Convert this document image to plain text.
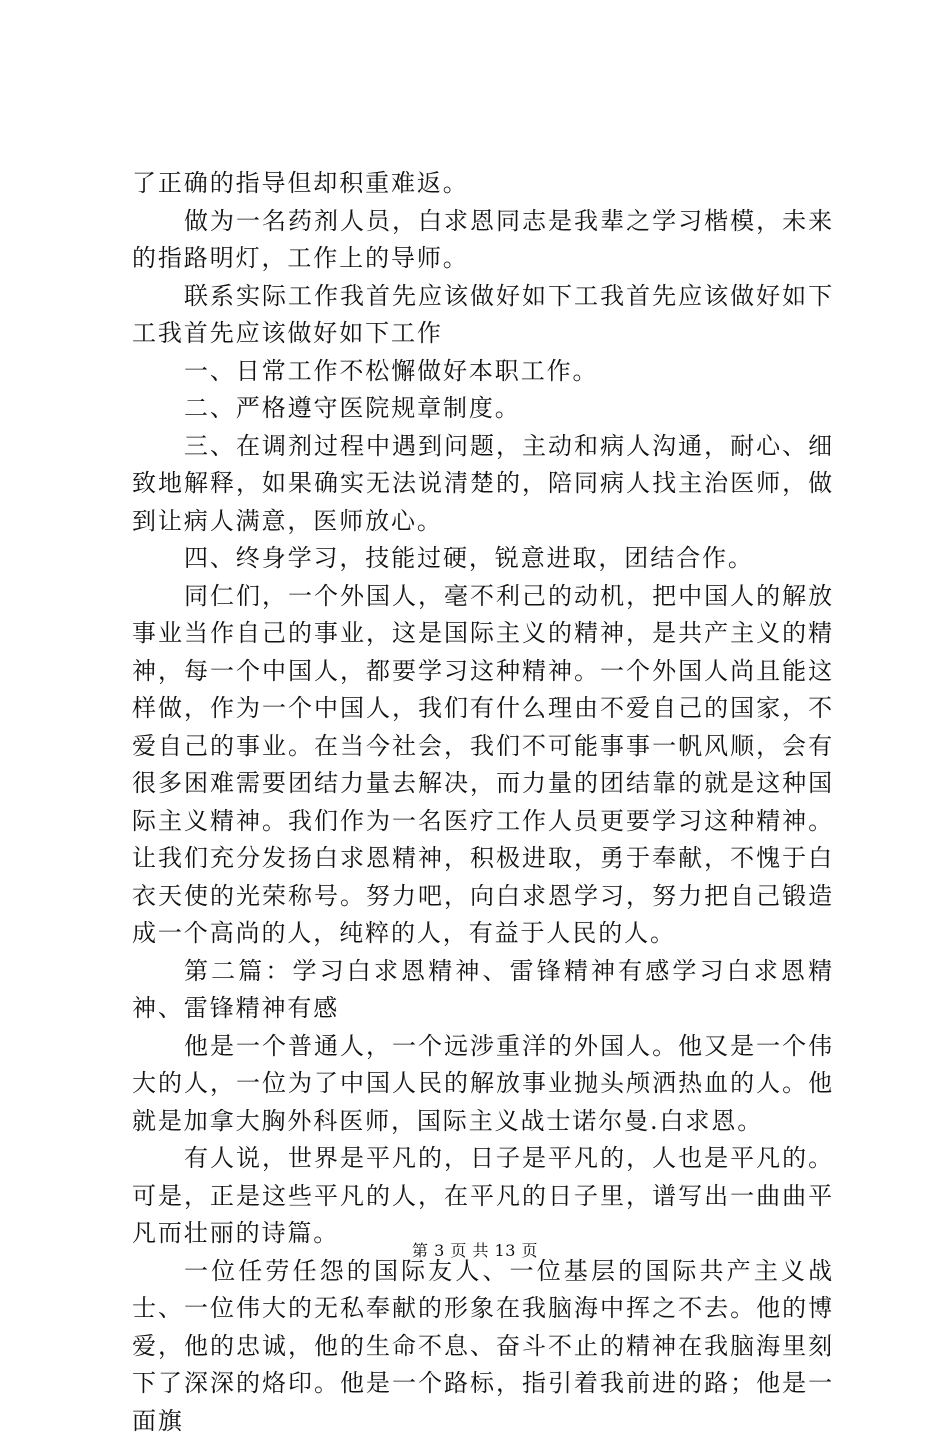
了正确的指导但却积重难返。

做为一名药剂人员，白求恩同志是我辈之学习楷模，未来的指路明灯，工作上的导师。

联系实际工作我首先应该做好如下工我首先应该做好如下工我首先应该做好如下工作

一、日常工作不松懈做好本职工作。

二、严格遵守医院规章制度。

三、在调剂过程中遇到问题，主动和病人沟通，耐心、细致地解释，如果确实无法说清楚的，陪同病人找主治医师，做到让病人满意，医师放心。

四、终身学习，技能过硬，锐意进取，团结合作。

同仁们，一个外国人，毫不利己的动机，把中国人的解放事业当作自己的事业，这是国际主义的精神，是共产主义的精神，每一个中国人，都要学习这种精神。一个外国人尚且能这样做，作为一个中国人，我们有什么理由不爱自己的国家，不爱自己的事业。在当今社会，我们不可能事事一帆风顺，会有很多困难需要团结力量去解决，而力量的团结靠的就是这种国际主义精神。我们作为一名医疗工作人员更要学习这种精神。让我们充分发扬白求恩精神，积极进取，勇于奉献，不愧于白衣天使的光荣称号。努力吧，向白求恩学习，努力把自己锻造成一个高尚的人，纯粹的人，有益于人民的人。

第二篇：学习白求恩精神、雷锋精神有感学习白求恩精神、雷锋精神有感

他是一个普通人，一个远涉重洋的外国人。他又是一个伟大的人，一位为了中国人民的解放事业抛头颅洒热血的人。他就是加拿大胸外科医师，国际主义战士诺尔曼.白求恩。

有人说，世界是平凡的，日子是平凡的，人也是平凡的。可是，正是这些平凡的人，在平凡的日子里，谱写出一曲曲平凡而壮丽的诗篇。

一位任劳任怨的国际友人、一位基层的国际共产主义战士、一位伟大的无私奉献的形象在我脑海中挥之不去。他的博爱，他的忠诚，他的生命不息、奋斗不止的精神在我脑海里刻下了深深的烙印。他是一个路标，指引着我前进的路；他是一面旗

第 3 页 共 13 页
